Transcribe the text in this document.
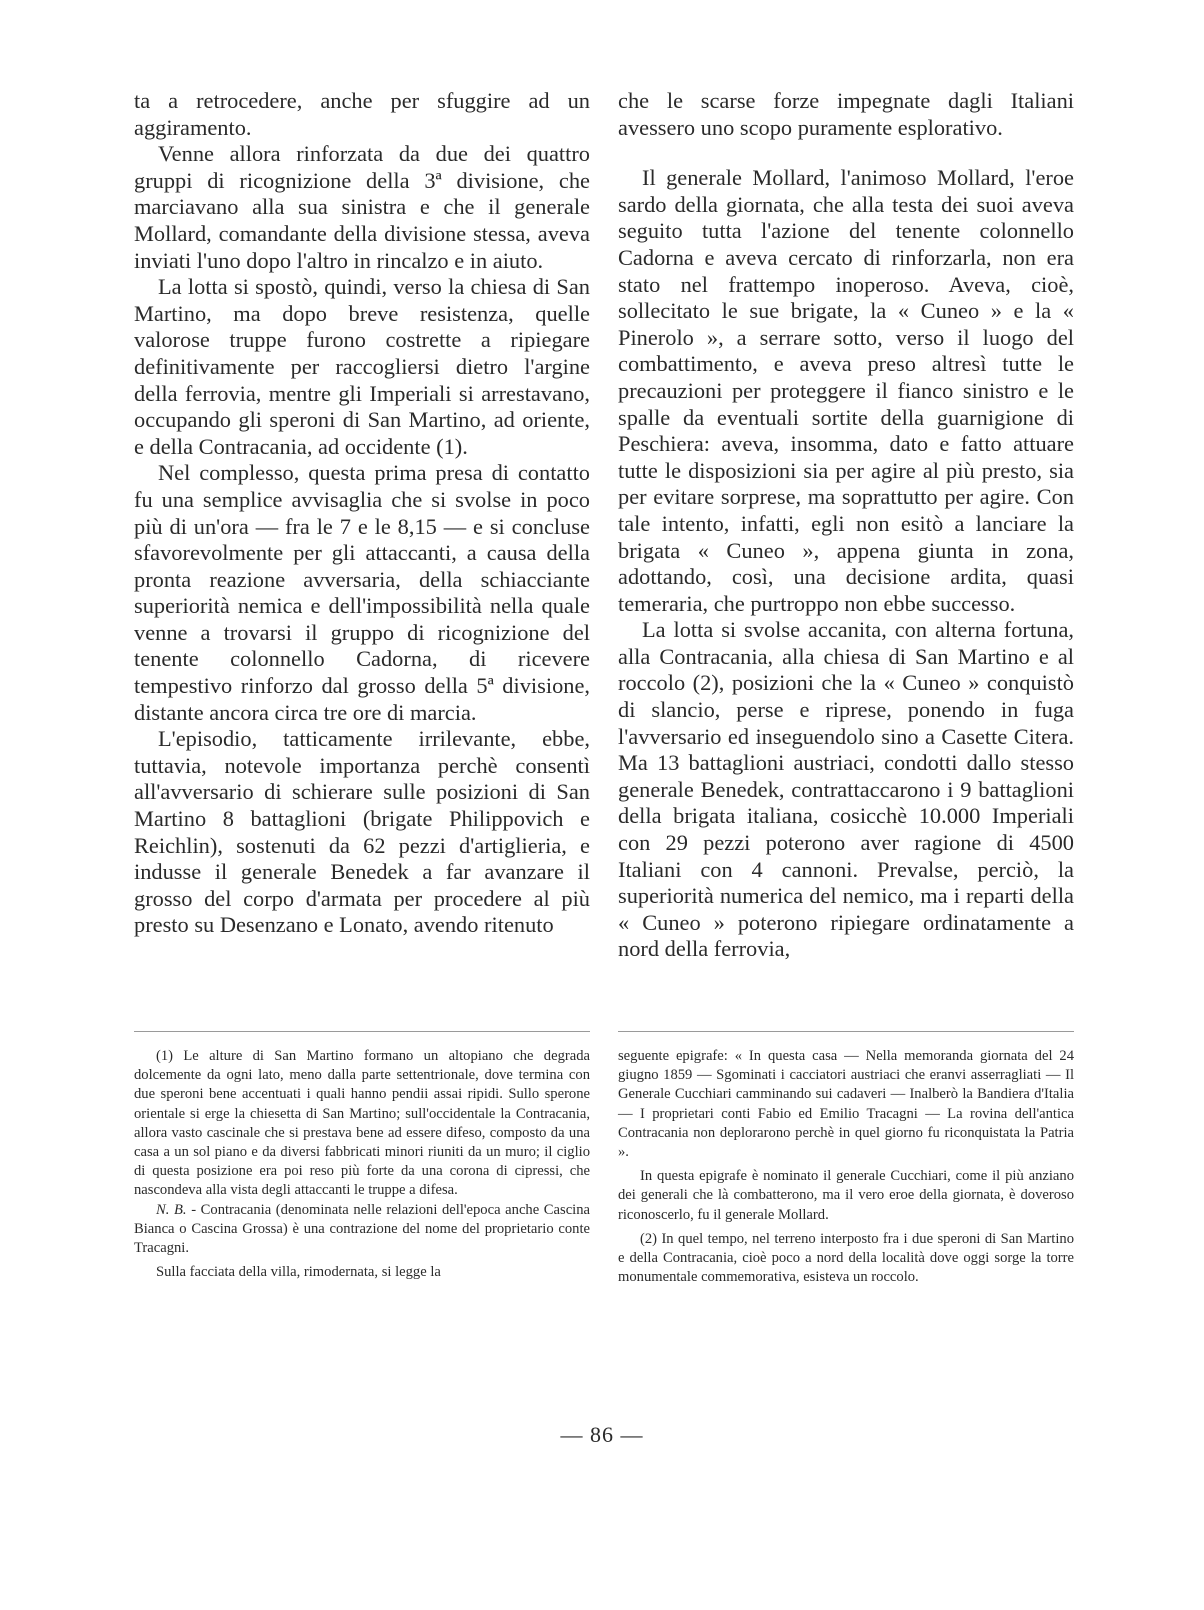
ta a retrocedere, anche per sfuggire ad un aggiramento.

Venne allora rinforzata da due dei quattro gruppi di ricognizione della 3ª divisione, che marciavano alla sua sinistra e che il generale Mollard, comandante della divisione stessa, aveva inviati l'uno dopo l'altro in rincalzo e in aiuto.

La lotta si spostò, quindi, verso la chiesa di San Martino, ma dopo breve resistenza, quelle valorose truppe furono costrette a ripiegare definitivamente per raccogliersi dietro l'argine della ferrovia, mentre gli Imperiali si arrestavano, occupando gli speroni di San Martino, ad oriente, e della Contracania, ad occidente (1).

Nel complesso, questa prima presa di contatto fu una semplice avvisaglia che si svolse in poco più di un'ora — fra le 7 e le 8,15 — e si concluse sfavorevolmente per gli attaccanti, a causa della pronta reazione avversaria, della schiacciante superiorità nemica e dell'impossibilità nella quale venne a trovarsi il gruppo di ricognizione del tenente colonnello Cadorna, di ricevere tempestivo rinforzo dal grosso della 5ª divisione, distante ancora circa tre ore di marcia.

L'episodio, tatticamente irrilevante, ebbe, tuttavia, notevole importanza perchè consentì all'avversario di schierare sulle posizioni di San Martino 8 battaglioni (brigate Philippovich e Reichlin), sostenuti da 62 pezzi d'artiglieria, e indusse il generale Benedek a far avanzare il grosso del corpo d'armata per procedere al più presto su Desenzano e Lonato, avendo ritenuto

che le scarse forze impegnate dagli Italiani avessero uno scopo puramente esplorativo.

Il generale Mollard, l'animoso Mollard, l'eroe sardo della giornata, che alla testa dei suoi aveva seguito tutta l'azione del tenente colonnello Cadorna e aveva cercato di rinforzarla, non era stato nel frattempo inoperoso. Aveva, cioè, sollecitato le sue brigate, la « Cuneo » e la « Pinerolo », a serrare sotto, verso il luogo del combattimento, e aveva preso altresì tutte le precauzioni per proteggere il fianco sinistro e le spalle da eventuali sortite della guarnigione di Peschiera: aveva, insomma, dato e fatto attuare tutte le disposizioni sia per agire al più presto, sia per evitare sorprese, ma soprattutto per agire. Con tale intento, infatti, egli non esitò a lanciare la brigata « Cuneo », appena giunta in zona, adottando, così, una decisione ardita, quasi temeraria, che purtroppo non ebbe successo.

La lotta si svolse accanita, con alterna fortuna, alla Contracania, alla chiesa di San Martino e al roccolo (2), posizioni che la « Cuneo » conquistò di slancio, perse e riprese, ponendo in fuga l'avversario ed inseguendolo sino a Casette Citera. Ma 13 battaglioni austriaci, condotti dallo stesso generale Benedek, contrattaccarono i 9 battaglioni della brigata italiana, cosicchè 10.000 Imperiali con 29 pezzi poterono aver ragione di 4500 Italiani con 4 cannoni. Prevalse, perciò, la superiorità numerica del nemico, ma i reparti della « Cuneo » poterono ripiegare ordinatamente a nord della ferrovia,

(1) Le alture di San Martino formano un altopiano che degrada dolcemente da ogni lato, meno dalla parte settentrionale, dove termina con due speroni bene accentuati i quali hanno pendii assai ripidi. Sullo sperone orientale si erge la chiesetta di San Martino; sull'occidentale la Contracania, allora vasto cascinale che si prestava bene ad essere difeso, composto da una casa a un sol piano e da diversi fabbricati minori riuniti da un muro; il ciglio di questa posizione era poi reso più forte da una corona di cipressi, che nascondeva alla vista degli attaccanti le truppe a difesa.

N. B. - Contracania (denominata nelle relazioni dell'epoca anche Cascina Bianca o Cascina Grossa) è una contrazione del nome del proprietario conte Tracagni.

Sulla facciata della villa, rimodernata, si legge la

seguente epigrafe: « In questa casa — Nella memoranda giornata del 24 giugno 1859 — Sgominati i cacciatori austriaci che eranvi asserragliati — Il Generale Cucchiari camminando sui cadaveri — Inalberò la Bandiera d'Italia — I proprietari conti Fabio ed Emilio Tracagni — La rovina dell'antica Contracania non deplorarono perchè in quel giorno fu riconquistata la Patria ».

In questa epigrafe è nominato il generale Cucchiari, come il più anziano dei generali che là combatterono, ma il vero eroe della giornata, è doveroso riconoscerlo, fu il generale Mollard.

(2) In quel tempo, nel terreno interposto fra i due speroni di San Martino e della Contracania, cioè poco a nord della località dove oggi sorge la torre monumentale commemorativa, esisteva un roccolo.

— 86 —
